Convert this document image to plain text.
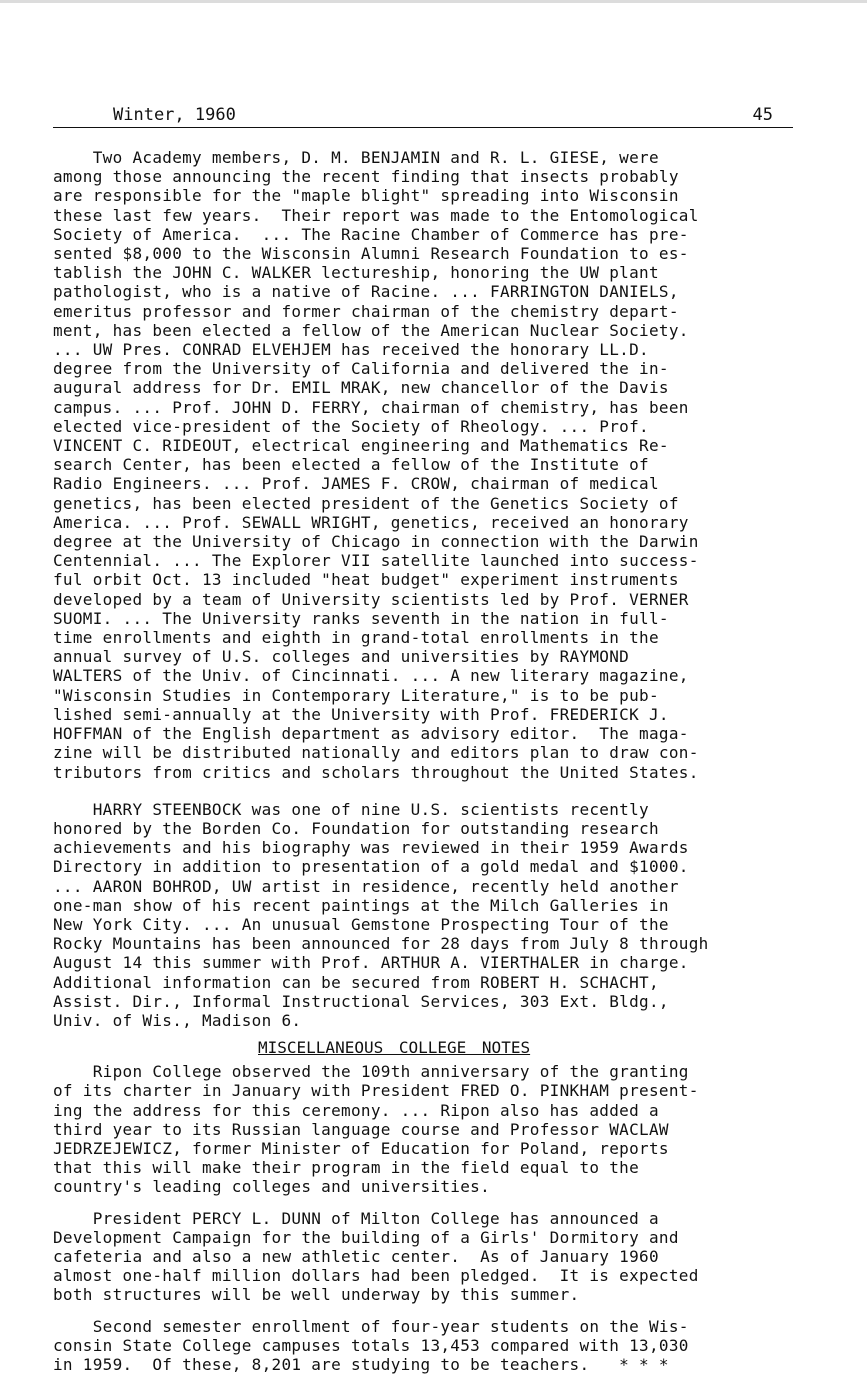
Winter, 1960	45

Two Academy members, D. M. BENJAMIN and R. L. GIESE, were
among those announcing the recent finding that insects probably
are responsible for the "maple blight" spreading into Wisconsin
these last few years.  Their report was made to the Entomological
Society of America.  ... The Racine Chamber of Commerce has pre-
sented $8,000 to the Wisconsin Alumni Research Foundation to es-
tablish the JOHN C. WALKER lectureship, honoring the UW plant
pathologist, who is a native of Racine. ... FARRINGTON DANIELS,
emeritus professor and former chairman of the chemistry depart-
ment, has been elected a fellow of the American Nuclear Society.
... UW Pres. CONRAD ELVEHJEM has received the honorary LL.D.
degree from the University of California and delivered the in-
augural address for Dr. EMIL MRAK, new chancellor of the Davis
campus. ... Prof. JOHN D. FERRY, chairman of chemistry, has been
elected vice-president of the Society of Rheology. ... Prof.
VINCENT C. RIDEOUT, electrical engineering and Mathematics Re-
search Center, has been elected a fellow of the Institute of
Radio Engineers. ... Prof. JAMES F. CROW, chairman of medical
genetics, has been elected president of the Genetics Society of
America. ... Prof. SEWALL WRIGHT, genetics, received an honorary
degree at the University of Chicago in connection with the Darwin
Centennial. ... The Explorer VII satellite launched into success-
ful orbit Oct. 13 included "heat budget" experiment instruments
developed by a team of University scientists led by Prof. VERNER
SUOMI. ... The University ranks seventh in the nation in full-
time enrollments and eighth in grand-total enrollments in the
annual survey of U.S. colleges and universities by RAYMOND
WALTERS of the Univ. of Cincinnati. ... A new literary magazine,
"Wisconsin Studies in Contemporary Literature," is to be pub-
lished semi-annually at the University with Prof. FREDERICK J.
HOFFMAN of the English department as advisory editor.  The maga-
zine will be distributed nationally and editors plan to draw con-
tributors from critics and scholars throughout the United States.

HARRY STEENBOCK was one of nine U.S. scientists recently
honored by the Borden Co. Foundation for outstanding research
achievements and his biography was reviewed in their 1959 Awards
Directory in addition to presentation of a gold medal and $1000.
... AARON BOHROD, UW artist in residence, recently held another
one-man show of his recent paintings at the Milch Galleries in
New York City. ... An unusual Gemstone Prospecting Tour of the
Rocky Mountains has been announced for 28 days from July 8 through
August 14 this summer with Prof. ARTHUR A. VIERTHALER in charge.
Additional information can be secured from ROBERT H. SCHACHT,
Assist. Dir., Informal Instructional Services, 303 Ext. Bldg.,
Univ. of Wis., Madison 6.

MISCELLANEOUS COLLEGE NOTES

Ripon College observed the 109th anniversary of the granting
of its charter in January with President FRED O. PINKHAM present-
ing the address for this ceremony. ... Ripon also has added a
third year to its Russian language course and Professor WACLAW
JEDRZEJEWICZ, former Minister of Education for Poland, reports
that this will make their program in the field equal to the
country's leading colleges and universities.

President PERCY L. DUNN of Milton College has announced a
Development Campaign for the building of a Girls' Dormitory and
cafeteria and also a new athletic center.  As of January 1960
almost one-half million dollars had been pledged.  It is expected
both structures will be well underway by this summer.

Second semester enrollment of four-year students on the Wis-
consin State College campuses totals 13,453 compared with 13,030
in 1959.  Of these, 8,201 are studying to be teachers.   * * *
